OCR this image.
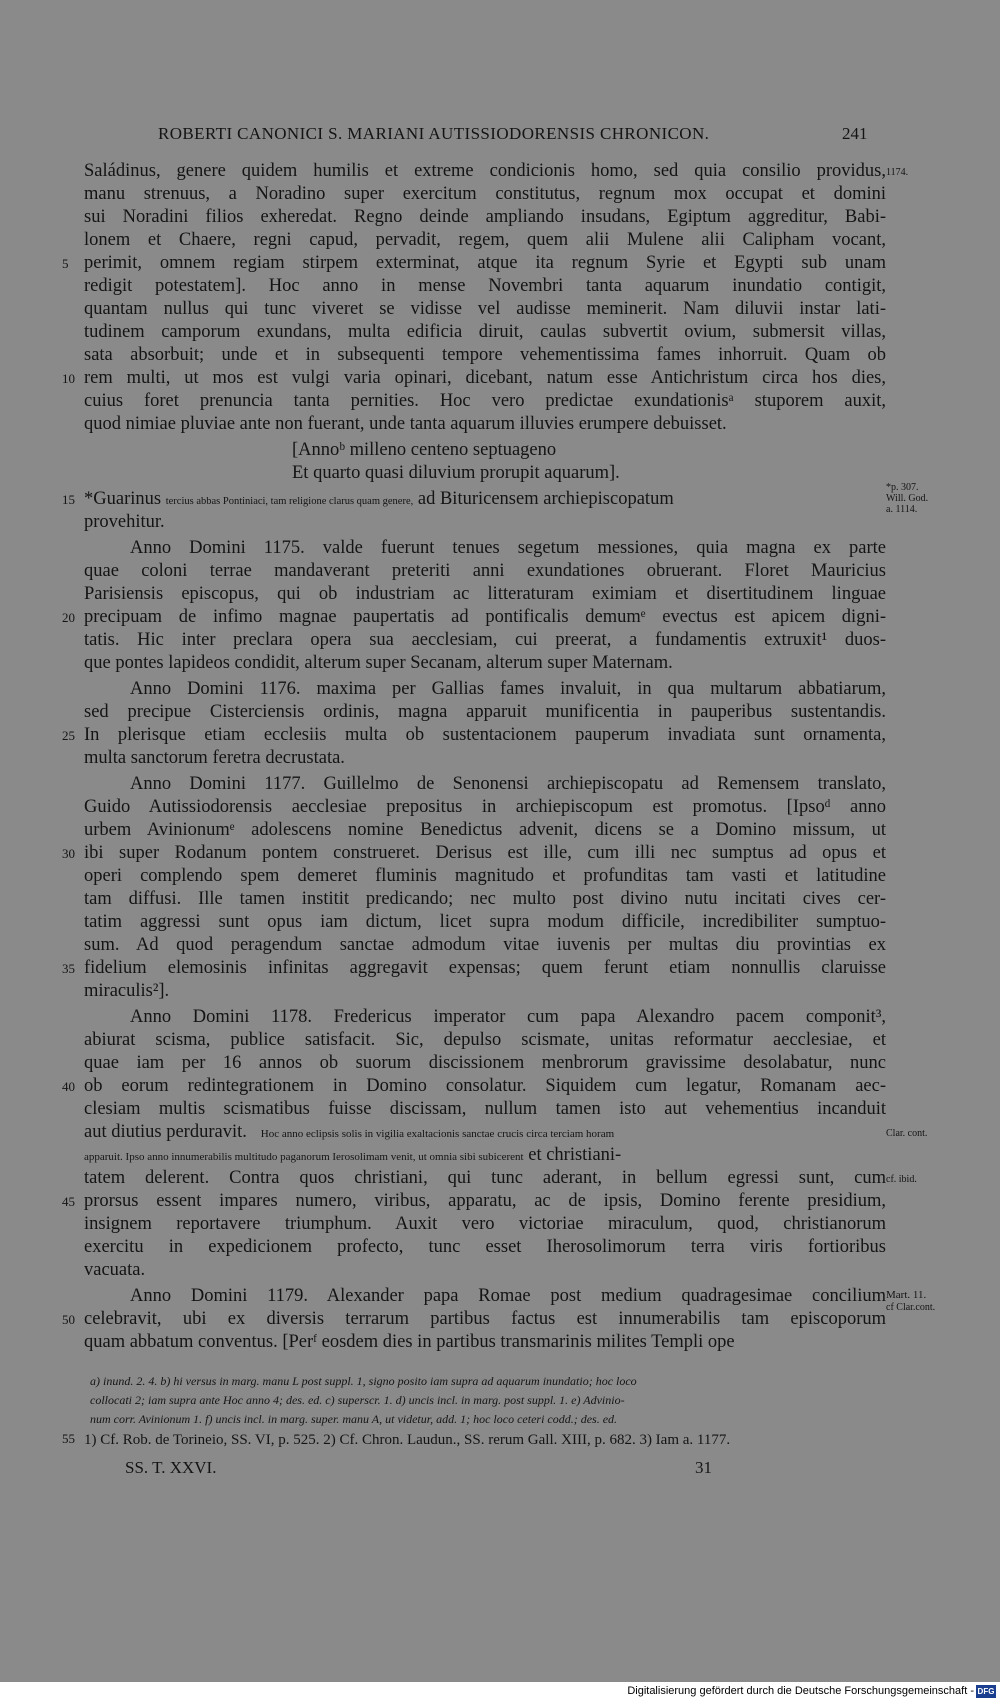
ROBERTI CANONICI S. MARIANI AUTISSIODORENSIS CHRONICON.	241
Saládinus, genere quidem humilis et extreme condicionis homo, sed quia consilio providus,
manu strenuus, a Noradino super exercitum constitutus, regnum mox occupat et domini
sui Noradini filios exheredat. Regno deinde ampliando insudans, Egiptum aggreditur, Babi-
lonem et Chaere, regni capud, pervadit, regem, quem alii Mulene alii Calipham vocant,
perimit, omnem regiam stirpem exterminat, atque ita regnum Syrie et Egypti sub unam
redigit potestatem]. Hoc anno in mense Novembri tanta aquarum inundatio contigit,
quantam nullus qui tunc viveret se vidisse vel audisse meminerit. Nam diluvii instar lati-
tudinem camporum exundans, multa edificia diruit, caulas subvertit ovium, submersit villas,
sata absorbuit; unde et in subsequenti tempore vehementissima fames inhorruit. Quam ob
rem multi, ut mos est vulgi varia opinari, dicebant, natum esse Antichristum circa hos dies,
cuius foret prenuncia tanta pernities. Hoc vero predictae exundationisᵃ stuporem auxit,
quod nimiae pluviae ante non fuerant, unde tanta aquarum illuvies erumpere debuisset.
[Annoᵇ milleno centeno septuageno
Et quarto quasi diluvium prorupit aquarum].
*Guarinus tercius abbas Pontiniaci, tam religione clarus quam genere, ad Bituricensem archiepiscopatum
provehitur.
Anno Domini 1175. valde fuerunt tenues segetum messiones, quia magna ex parte
quae coloni terrae mandaverant preteriti anni exundationes obruerant. Floret Mauricius
Parisiensis episcopus, qui ob industriam ac litteraturam eximiam et disertitudinem linguae
precipuam de infimo magnae paupertatis ad pontificalis demumᵉ evectus est apicem digni-
tatis. Hic inter preclara opera sua aecclesiam, cui preerat, a fundamentis extruxit¹ duos-
que pontes lapideos condidit, alterum super Secanam, alterum super Maternam.
Anno Domini 1176. maxima per Gallias fames invaluit, in qua multarum abbatiarum,
sed precipue Cisterciensis ordinis, magna apparuit munificentia in pauperibus sustentandis.
In plerisque etiam ecclesiis multa ob sustentacionem pauperum invadiata sunt ornamenta,
multa sanctorum feretra decrustata.
Anno Domini 1177. Guillelmo de Senonensi archiepiscopatu ad Remensem translato,
Guido Autissiodorensis aecclesiae prepositus in archiepiscopum est promotus. [Ipsoᵈ anno
urbem Avinionumᵉ adolescens nomine Benedictus advenit, dicens se a Domino missum, ut
ibi super Rodanum pontem construeret. Derisus est ille, cum illi nec sumptus ad opus et
operi complendo spem demeret fluminis magnitudo et profunditas tam vasti et latitudine
tam diffusi. Ille tamen institit predicando; nec multo post divino nutu incitati cives cer-
tatim aggressi sunt opus iam dictum, licet supra modum difficile, incredibiliter sumptuo-
sum. Ad quod peragendum sanctae admodum vitae iuvenis per multas diu provintias ex
fidelium elemosinis infinitas aggregavit expensas; quem ferunt etiam nonnullis claruisse
miraculis²].
Anno Domini 1178. Fredericus imperator cum papa Alexandro pacem componit³,
abiurat scisma, publice satisfacit. Sic, depulso scismate, unitas reformatur aecclesiae, et
quae iam per 16 annos ob suorum discissionem menbrorum gravissime desolabatur, nunc
ob eorum redintegrationem in Domino consolatur. Siquidem cum legatur, Romanam aec-
clesiam multis scismatibus fuisse discissam, nullum tamen isto aut vehementius incanduit
aut diutius perduravit. Hoc anno eclipsis solis in vigilia exaltacionis sanctae crucis circa terciam horam
apparuit. Ipso anno innumerabilis multitudo paganorum Ierosolimam venit, ut omnia sibi subicerent et christiani-
tatem delerent. Contra quos christiani, qui tunc aderant, in bellum egressi sunt, cum
prorsus essent impares numero, viribus, apparatu, ac de ipsis, Domino ferente presidium,
insignem reportavere triumphum. Auxit vero victoriae miraculum, quod, christianorum
exercitu in expedicionem profecto, tunc esset Iherosolimorum terra viris fortioribus
vacuata.
Anno Domini 1179. Alexander papa Romae post medium quadragesimae concilium
celebravit, ubi ex diversis terrarum partibus factus est innumerabilis tam episcoporum
quam abbatum conventus. [Perᶠ eosdem dies in partibus transmarinis milites Templi ope
5
10
15
20
25
30
35
40
45
50
55
1174.
*p. 307.
Will. God.
a. 1114.
Clar. cont.
cf. ibid.
Mart. 11.
cf Clar.cont.
a) inund. 2. 4. b) hi versus in marg. manu L post suppl. 1, signo posito iam supra ad aquarum inundatio; hoc loco
collocati 2; iam supra ante Hoc anno 4; des. ed. c) superscr. 1. d) uncis incl. in marg. post suppl. 1. e) Advinio-
num corr. Avinionum 1. f) uncis incl. in marg. super. manu A, ut videtur, add. 1; hoc loco ceteri codd.; des. ed.
1) Cf. Rob. de Torineio, SS. VI, p. 525. 2) Cf. Chron. Laudun., SS. rerum Gall. XIII, p. 682. 3) Iam a. 1177.
SS. T. XXVI.	31
Digitalisierung gefördert durch die Deutsche Forschungsgemeinschaft - DFG
